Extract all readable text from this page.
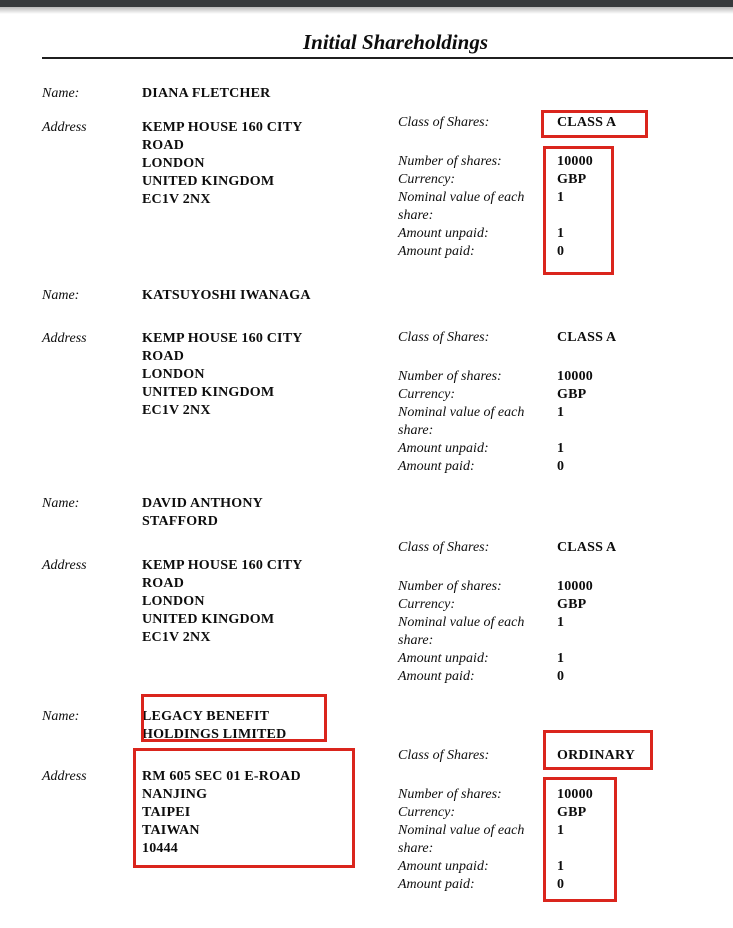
Initial Shareholdings
Name:	DIANA FLETCHER
Address	KEMP HOUSE 160 CITY
ROAD
LONDON
UNITED KINGDOM
EC1V 2NX
Class of Shares:	CLASS A
Number of shares:	10000
Currency:	GBP
Nominal value of each share:
1
Amount unpaid:	1
Amount paid:	0
Name:	KATSUYOSHI IWANAGA
Address	KEMP HOUSE 160 CITY
ROAD
LONDON
UNITED KINGDOM
EC1V 2NX
Class of Shares:	CLASS A
Number of shares:	10000
Currency:	GBP
Nominal value of each share:
1
Amount unpaid:	1
Amount paid:	0
Name:	DAVID ANTHONY
STAFFORD
Address	KEMP HOUSE 160 CITY
ROAD
LONDON
UNITED KINGDOM
EC1V 2NX
Class of Shares:	CLASS A
Number of shares:	10000
Currency:	GBP
Nominal value of each share:
1
Amount unpaid:	1
Amount paid:	0
Name:	LEGACY BENEFIT
HOLDINGS LIMITED
Address	RM 605 SEC 01 E-ROAD
NANJING
TAIPEI
TAIWAN
10444
Class of Shares:	ORDINARY
Number of shares:	10000
Currency:	GBP
Nominal value of each share:
1
Amount unpaid:	1
Amount paid:	0
